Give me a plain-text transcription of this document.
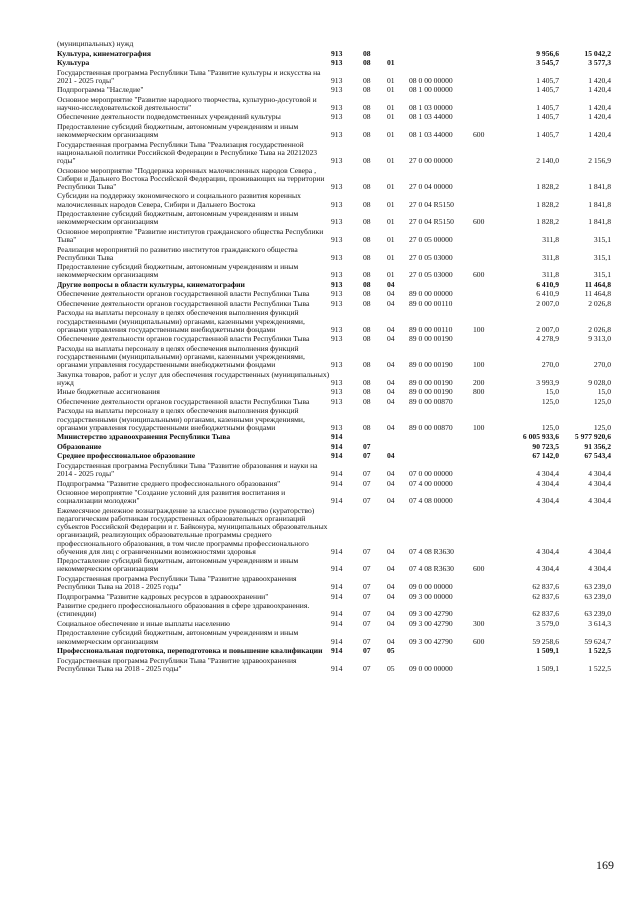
(муниципальных) нужд
Культура, кинематография	913	08	9 956,6	15 042,2
Культура	913	08	01	3 545,7	3 577,3
Государственная программа Республики Тыва "Развитие культуры и искусства на 2021 - 2025 годы"	913	08	01	08 0 00 00000	1 405,7	1 420,4
Подпрограмма "Наследие"	913	08	01	08 1 00 00000	1 405,7	1 420,4
Основное мероприятие "Развитие народного творчества, культурно-досуговой и научно-исследовательской деятельности"	913	08	01	08 1 03 00000	1 405,7	1 420,4
Обеспечение деятельности подведомственных учреждений культуры	913	08	01	08 1 03 44000	1 405,7	1 420,4
Предоставление субсидий бюджетным, автономным учреждениям и иным некоммерческим организациям	913	08	01	08 1 03 44000	600	1 405,7	1 420,4
Государственная программа Республики Тыва "Реализация государственной национальной политики Российской Федерации в Республике Тыва на 20212023 годы"	913	08	01	27 0 00 00000	2 140,0	2 156,9
Основное мероприятие "Поддержка коренных малочисленных народов Севера , Сибири и Дальнего Востока Российской Федерации, проживающих на территории Республики Тыва"	913	08	01	27 0 04 00000	1 828,2	1 841,8
Субсидии на поддержку экономического и социального развития коренных малочисленных народов Севера, Сибири и Дальнего Востока	913	08	01	27 0 04 R5150	1 828,2	1 841,8
Предоставление субсидий бюджетным, автономным учреждениям и иным некоммерческим организациям	913	08	01	27 0 04 R5150	600	1 828,2	1 841,8
Основное мероприятие "Развитие институтов гражданского общества Республики Тыва"	913	08	01	27 0 05 00000	311,8	315,1
Реализация мероприятий по развитию институтов гражданского общества Республики Тыва	913	08	01	27 0 05 03000	311,8	315,1
Предоставление субсидий бюджетным, автономным учреждениям и иным некоммерческим организациям	913	08	01	27 0 05 03000	600	311,8	315,1
Другие вопросы в области культуры, кинематографии	913	08	04	6 410,9	11 464,8
Обеспечение деятельности органов государственной власти Республики Тыва	913	08	04	89 0 00 00000	6 410,9	11 464,8
Обеспечение деятельности органов государственной власти Республики Тыва	913	08	04	89 0 00 00110	2 007,0	2 026,8
Расходы на выплаты персоналу в целях обеспечения выполнения функций государственными (муниципальными) органами, казенными учреждениями, органами управления государственными внебюджетными фондами	913	08	04	89 0 00 00110	100	2 007,0	2 026,8
Обеспечение деятельности органов государственной власти Республики Тыва	913	08	04	89 0 00 00190	4 278,9	9 313,0
Расходы на выплаты персоналу в целях обеспечения выполнения функций государственными (муниципальными) органами, казенными учреждениями, органами управления государственными внебюджетными фондами	913	08	04	89 0 00 00190	100	270,0	270,0
Закупка товаров, работ и услуг для обеспечения государственных (муниципальных) нужд	913	08	04	89 0 00 00190	200	3 993,9	9 028,0
Иные бюджетные ассигнования	913	08	04	89 0 00 00190	800	15,0	15,0
Обеспечение деятельности органов государственной власти Республики Тыва	913	08	04	89 0 00 00870	125,0	125,0
Расходы на выплаты персоналу в целях обеспечения выполнения функций государственными (муниципальными) органами, казенными учреждениями, органами управления государственными внебюджетными фондами	913	08	04	89 0 00 00870	100	125,0	125,0
Министерство здравоохранения Республики Тыва	914	6 005 933,6	5 977 920,6
Образование	914	07	90 723,5	91 356,2
Среднее профессиональное образование	914	07	04	67 142,0	67 543,4
Государственная программа Республики Тыва "Развитие образования и науки на 2014 - 2025 годы"	914	07	04	07 0 00 00000	4 304,4	4 304,4
Подпрограмма "Развитие среднего профессионального образования"	914	07	04	07 4 00 00000	4 304,4	4 304,4
Основное мероприятие "Создание условий для развития воспитания и социализации молодежи"	914	07	04	07 4 08 00000	4 304,4	4 304,4
Ежемесячное денежное вознаграждение за классное руководство (кураторство) педагогическим работникам государственных образовательных организаций субъектов Российской Федерации и г. Байконура, муниципальных образовательных организаций, реализующих образовательные программы среднего профессионального образования, в том числе программы профессионального обучения для лиц с ограниченными возможностями здоровья	914	07	04	07 4 08 R3630	4 304,4	4 304,4
Предоставление субсидий бюджетным, автономным учреждениям и иным некоммерческим организациям	914	07	04	07 4 08 R3630	600	4 304,4	4 304,4
Государственная программа Республики Тыва "Развитие здравоохранения Республики Тыва на 2018 - 2025 годы"	914	07	04	09 0 00 00000	62 837,6	63 239,0
Подпрограмма "Развитие кадровых ресурсов в здравоохранении"	914	07	04	09 3 00 00000	62 837,6	63 239,0
Развитие среднего профессионального образования в сфере здравоохранения. (стипендии)	914	07	04	09 3 00 42790	62 837,6	63 239,0
Социальное обеспечение и иные выплаты населению	914	07	04	09 3 00 42790	300	3 579,0	3 614,3
Предоставление субсидий бюджетным, автономным учреждениям и иным некоммерческим организациям	914	07	04	09 3 00 42790	600	59 258,6	59 624,7
Профессиональная подготовка, переподготовка и повышение квалификации	914	07	05	1 509,1	1 522,5
Государственная программа Республики Тыва "Развитие здравоохранения Республики Тыва на 2018 - 2025 годы"	914	07	05	09 0 00 00000	1 509,1	1 522,5
169
